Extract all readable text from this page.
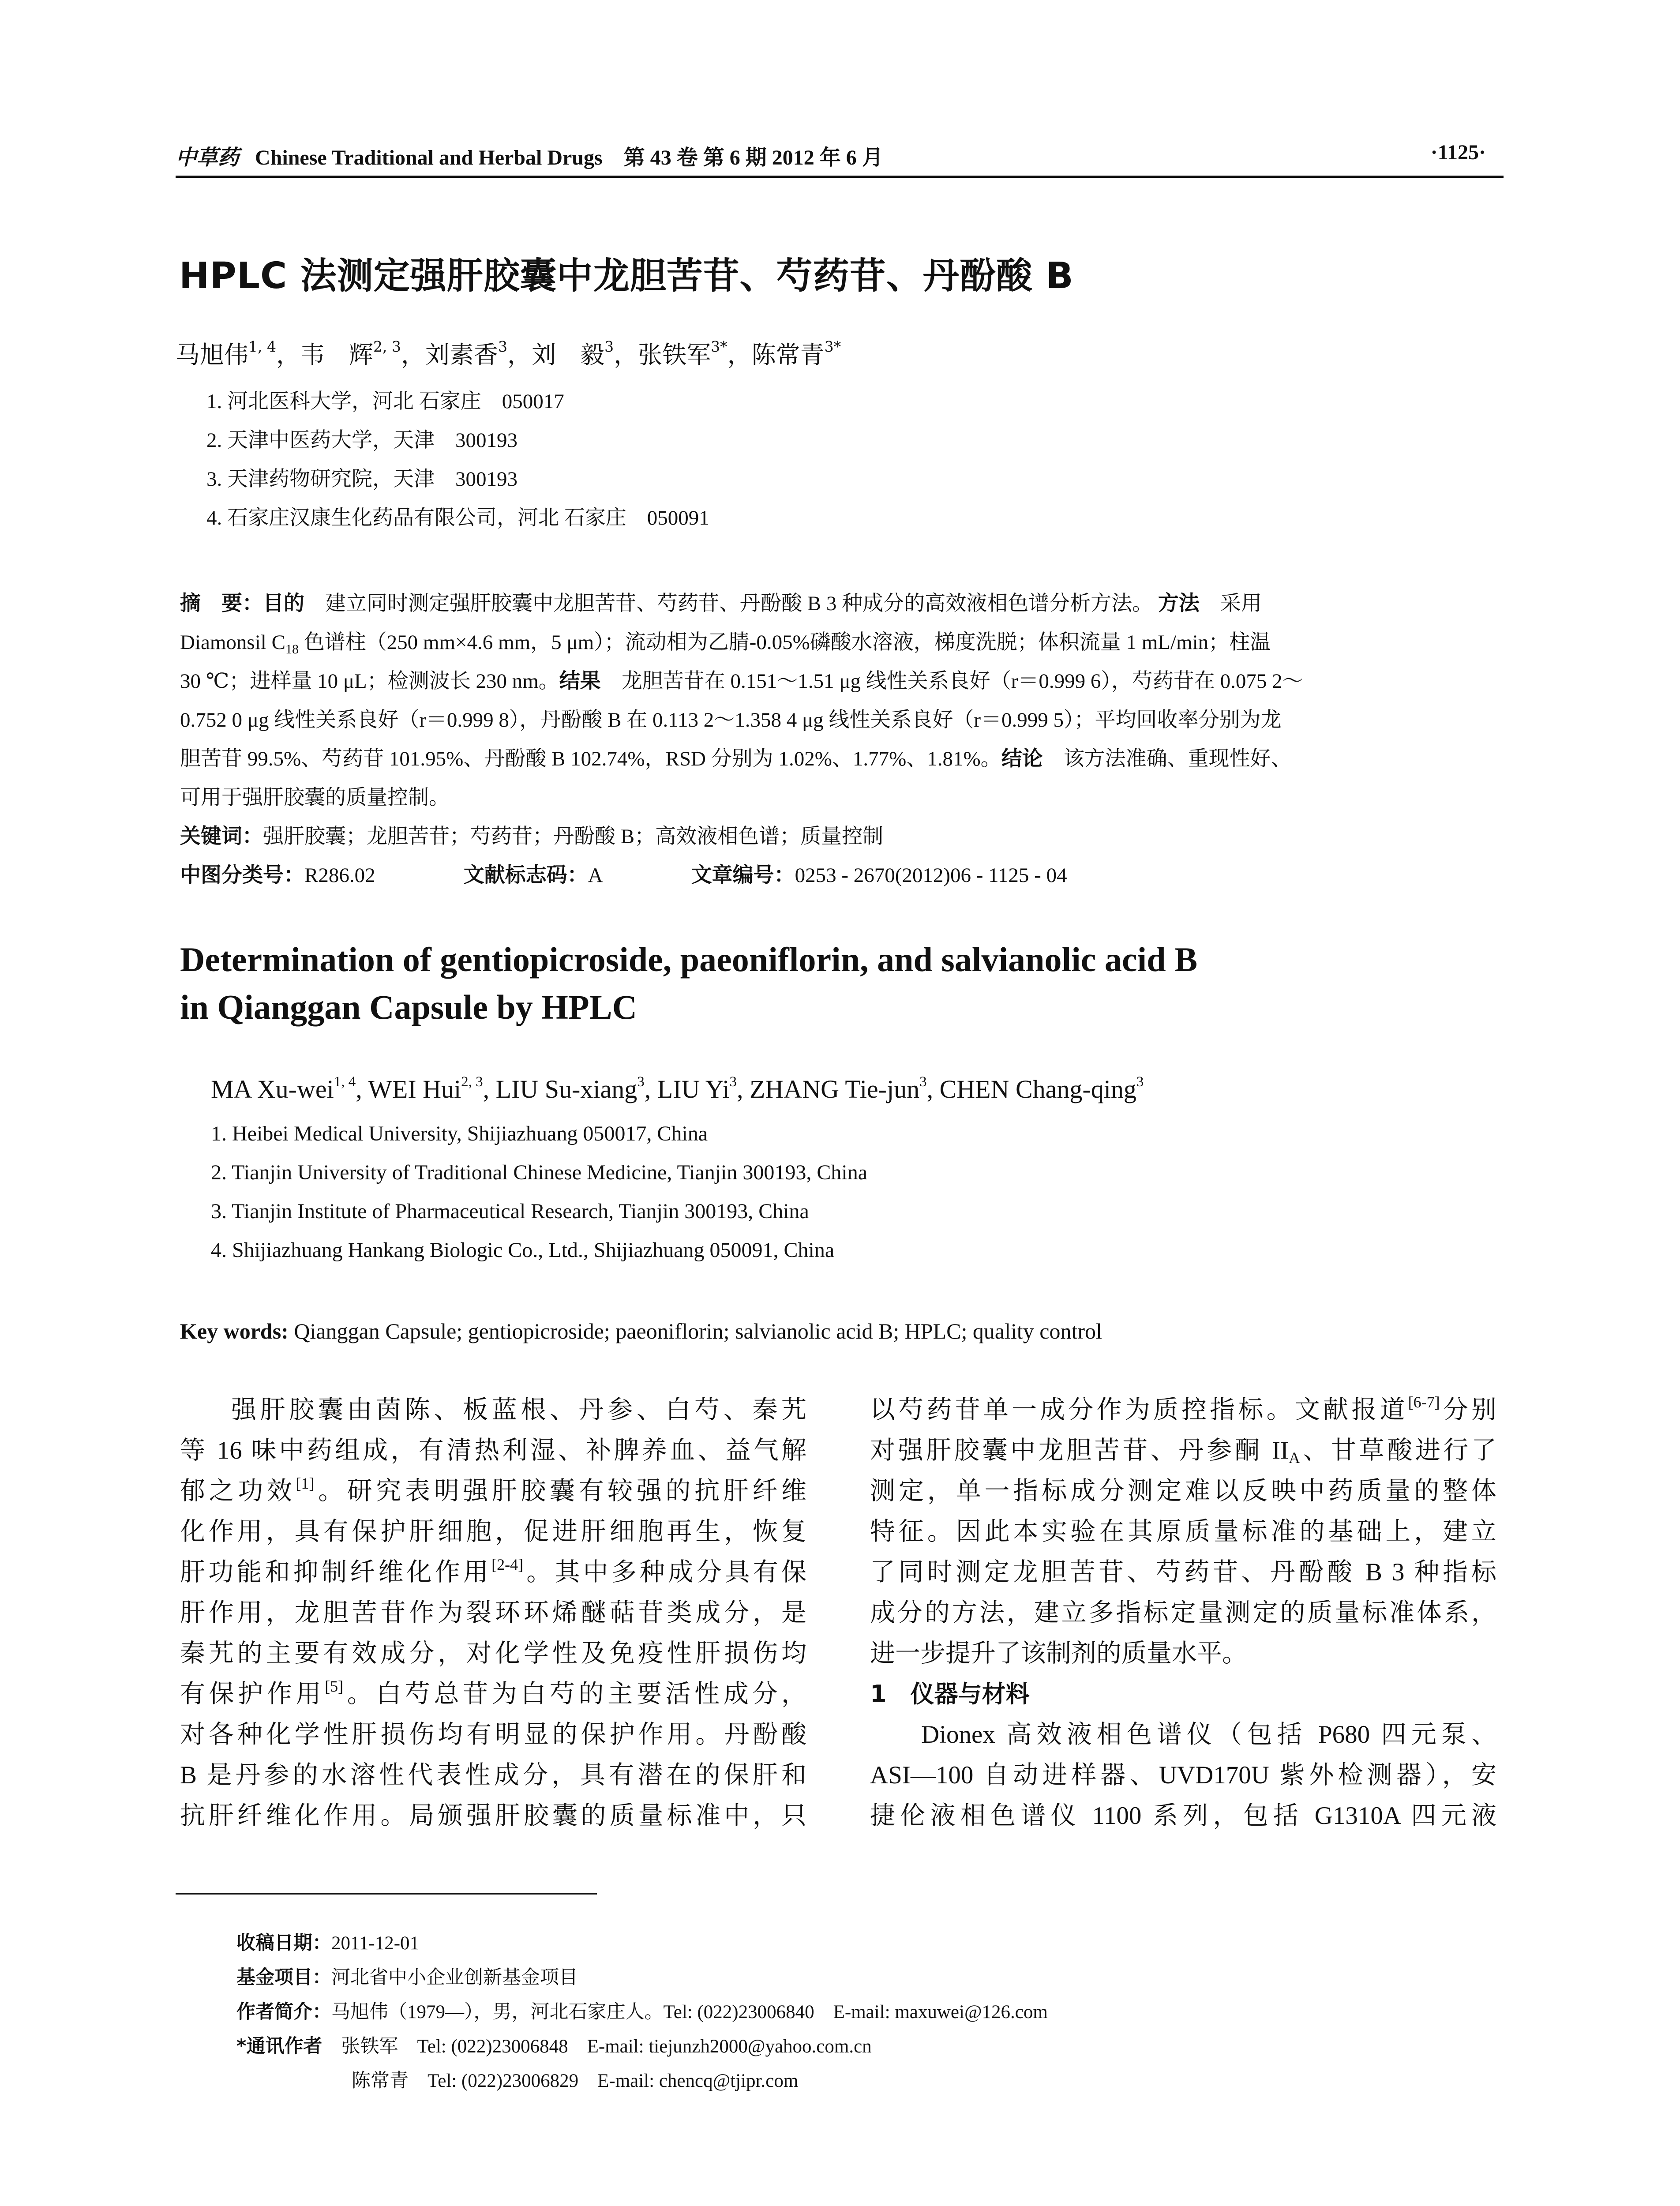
中草药 Chinese Traditional and Herbal Drugs 第 43 卷 第 6 期 2012 年 6 月	·1125·
HPLC 法测定强肝胶囊中龙胆苦苷、芍药苷、丹酚酸 B
马旭伟$^{1, 4}$，韦　辉$^{2, 3}$，刘素香$^3$，刘　毅$^3$，张铁军$^{3*}$，陈常青$^{3*}$
1. 河北医科大学，河北 石家庄　050017
2. 天津中医药大学，天津　300193
3. 天津药物研究院，天津　300193
4. 石家庄汉康生化药品有限公司，河北 石家庄　050091
摘　要：目的 建立同时测定强肝胶囊中龙胆苦苷、芍药苷、丹酚酸 B 3 种成分的高效液相色谱分析方法。 方法 采用
Diamonsil $C_{18}$ 色谱柱（250 mm×4.6 mm，5 μm）；流动相为乙腈-0.05%磷酸水溶液，梯度洗脱；体积流量 1 mL/min；柱温
30 ℃；进样量 10 μL；检测波长 230 nm。结果 龙胆苦苷在 0.151～1.51 μg 线性关系良好（r＝0.999 6），芍药苷在 0.075 2～
0.752 0 μg 线性关系良好（r＝0.999 8），丹酚酸 B 在 0.113 2～1.358 4 μg 线性关系良好（r＝0.999 5）；平均回收率分别为龙
胆苦苷 99.5%、芍药苷 101.95%、丹酚酸 B 102.74%，RSD 分别为 1.02%、1.77%、1.81%。结论 该方法准确、重现性好、
可用于强肝胶囊的质量控制。
关键词：强肝胶囊；龙胆苦苷；芍药苷；丹酚酸 B；高效液相色谱；质量控制
中图分类号：R286.02	文献标志码：A	文章编号：0253 - 2670(2012)06 - 1125 - 04
Determination of gentiopicroside, paeoniflorin, and salvianolic acid B
in Qianggan Capsule by HPLC
MA Xu-wei$^{1, 4}$, WEI Hui$^{2, 3}$, LIU Su-xiang$^3$, LIU Yi$^3$, ZHANG Tie-jun$^3$, CHEN Chang-qing$^3$
1. Heibei Medical University, Shijiazhuang 050017, China
2. Tianjin University of Traditional Chinese Medicine, Tianjin 300193, China
3. Tianjin Institute of Pharmaceutical Research, Tianjin 300193, China
4. Shijiazhuang Hankang Biologic Co., Ltd., Shijiazhuang 050091, China
Key words: Qianggan Capsule; gentiopicroside; paeoniflorin; salvianolic acid B; HPLC; quality control
强肝胶囊由茵陈、板蓝根、丹参、白芍、秦艽
等 16 味中药组成，有清热利湿、补脾养血、益气解
郁之功效[1]。研究表明强肝胶囊有较强的抗肝纤维
化作用，具有保护肝细胞，促进肝细胞再生，恢复
肝功能和抑制纤维化作用[2-4]。其中多种成分具有保
肝作用，龙胆苦苷作为裂环环烯醚萜苷类成分，是
秦艽的主要有效成分，对化学性及免疫性肝损伤均
有保护作用[5]。白芍总苷为白芍的主要活性成分，
对各种化学性肝损伤均有明显的保护作用。丹酚酸
B 是丹参的水溶性代表性成分，具有潜在的保肝和
抗肝纤维化作用。局颁强肝胶囊的质量标准中，只
以芍药苷单一成分作为质控指标。文献报道[6-7]分别
对强肝胶囊中龙胆苦苷、丹参酮 $II_A$、甘草酸进行了
测定，单一指标成分测定难以反映中药质量的整体
特征。因此本实验在其原质量标准的基础上，建立
了同时测定龙胆苦苷、芍药苷、丹酚酸 B 3 种指标
成分的方法，建立多指标定量测定的质量标准体系，
进一步提升了该制剂的质量水平。
1　仪器与材料
Dionex 高效液相色谱仪（包括 P680 四元泵、
ASI—100 自动进样器、UVD170U 紫外检测器），安
捷伦液相色谱仪 1100 系列，包括 G1310A 四元液
收稿日期：2011-12-01
基金项目：河北省中小企业创新基金项目
作者简介：马旭伟（1979—），男，河北石家庄人。Tel: (022)23006840　E-mail: maxuwei@126.com
*通讯作者 张铁军　Tel: (022)23006848　E-mail: tiejunzh2000@yahoo.com.cn
陈常青　Tel: (022)23006829　E-mail: chencq@tjipr.com
